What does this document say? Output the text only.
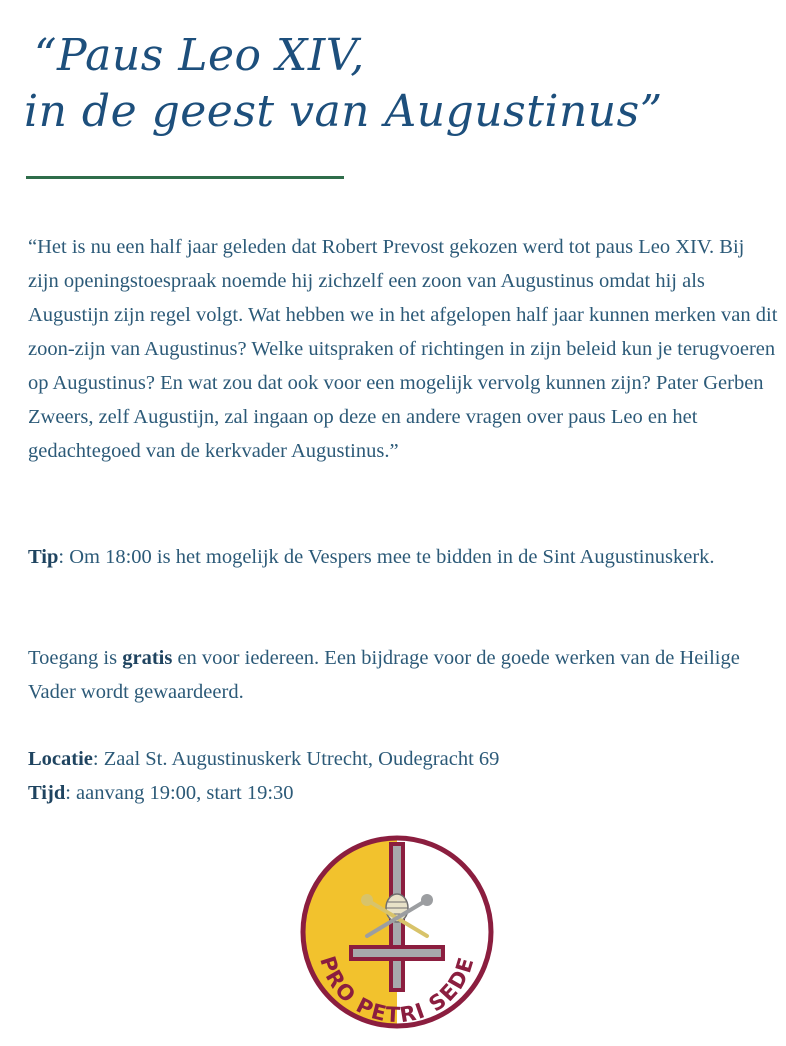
“Paus Leo XIV,
in de geest van Augustinus”
“Het is nu een half jaar geleden dat Robert Prevost gekozen werd tot paus Leo XIV. Bij zijn openingstoespraak noemde hij zichzelf een zoon van Augustinus omdat hij als Augustijn zijn regel volgt. Wat hebben we in het afgelopen half jaar kunnen merken van dit zoon-zijn van Augustinus? Welke uitspraken of richtingen in zijn beleid kun je terugvoeren op Augustinus? En wat zou dat ook voor een mogelijk vervolg kunnen zijn? Pater Gerben Zweers, zelf Augustijn, zal ingaan op deze en andere vragen over paus Leo en het gedachtegoed van de kerkvader Augustinus.”
Tip: Om 18:00 is het mogelijk de Vespers mee te bidden in de Sint Augustinuskerk.
Toegang is gratis en voor iedereen. Een bijdrage voor de goede werken van de Heilige Vader wordt gewaardeerd.
Locatie: Zaal St. Augustinuskerk Utrecht, Oudegracht 69
Tijd: aanvang 19:00, start 19:30
PRO PETRI SEDE
